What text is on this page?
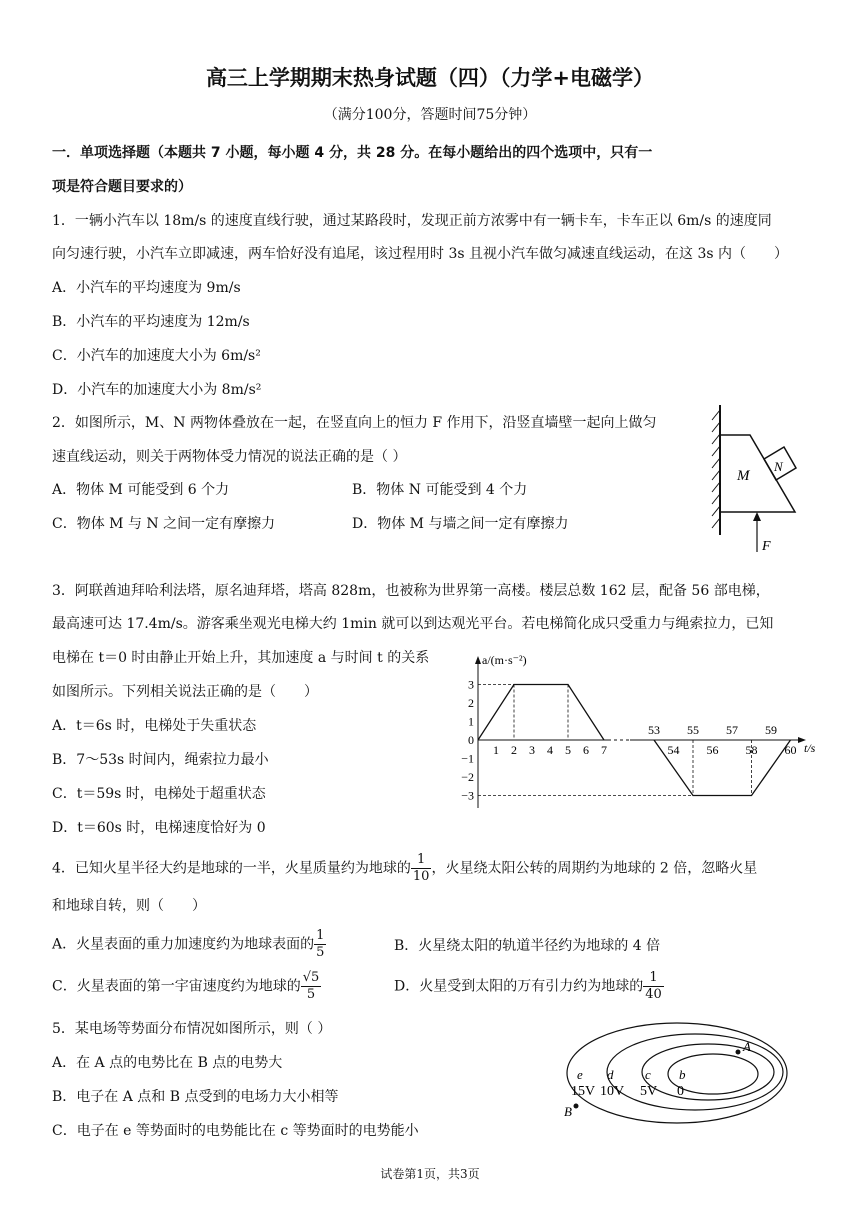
高三上学期期末热身试题（四）（力学+电磁学）
（满分100分，答题时间75分钟）
一．单项选择题（本题共 7 小题，每小题 4 分，共 28 分。在每小题给出的四个选项中，只有一
项是符合题目要求的）
1．一辆小汽车以 18m/s 的速度直线行驶，通过某路段时，发现正前方浓雾中有一辆卡车，卡车正以 6m/s 的速度同
向匀速行驶，小汽车立即减速，两车恰好没有追尾，该过程用时 3s 且视小汽车做匀减速直线运动，在这 3s 内（　　）
A．小汽车的平均速度为 9m/s
B．小汽车的平均速度为 12m/s
C．小汽车的加速度大小为 6m/s²
D．小汽车的加速度大小为 8m/s²
2．如图所示，M、N 两物体叠放在一起，在竖直向上的恒力 F 作用下，沿竖直墙壁一起向上做匀
速直线运动，则关于两物体受力情况的说法正确的是（ ）
A．物体 M 可能受到 6 个力	B．物体 N 可能受到 4 个力
C．物体 M 与 N 之间一定有摩擦力	D．物体 M 与墙之间一定有摩擦力
M
N
F
3．阿联酋迪拜哈利法塔，原名迪拜塔，塔高 828m，也被称为世界第一高楼。楼层总数 162 层，配备 56 部电梯，
最高速可达 17.4m/s。游客乘坐观光电梯大约 1min 就可以到达观光平台。若电梯简化成只受重力与绳索拉力，已知
电梯在 t＝0 时由静止开始上升，其加速度 a 与时间 t 的关系
如图所示。下列相关说法正确的是（　　）
A．t＝6s 时，电梯处于失重状态
B．7～53s 时间内，绳索拉力最小
C．t＝59s 时，电梯处于超重状态
D．t＝60s 时，电梯速度恰好为 0
a/(m·s⁻²)
t/s
3
2
1
0
−1
−2
−3
1 2 3 4 5 6 7
53 55 57 59
54 56 58 60
4．已知火星半径大约是地球的一半，火星质量约为地球的 $\frac{1}{10}$ ，火星绕太阳公转的周期约为地球的 2 倍，忽略火星
和地球自转，则（　　）
A．火星表面的重力加速度约为地球表面的 $\frac{1}{5}$	B．火星绕太阳的轨道半径约为地球的 4 倍
C．火星表面的第一宇宙速度约为地球的 $\frac{√5}{5}$	D．火星受到太阳的万有引力约为地球的 $\frac{1}{40}$
5．某电场等势面分布情况如图所示，则（ ）
A．在 A 点的电势比在 B 点的电势大
B．电子在 A 点和 B 点受到的电场力大小相等
C．电子在 e 等势面时的电势能比在 c 等势面时的电势能小
A
B
e d c b
15V 10V 5V 0
试卷第1页，共3页
